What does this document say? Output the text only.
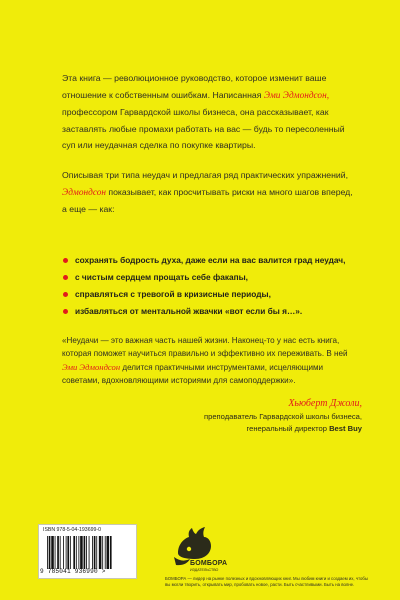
Эта книга — революционное руководство, которое изменит ваше отношение к собственным ошибкам. Написанная Эми Эдмондсон, профессором Гарвардской школы бизнеса, она рассказывает, как заставлять любые промахи работать на вас — будь то пересоленный суп или неудачная сделка по покупке квартиры.

Описывая три типа неудач и предлагая ряд практических упражнений, Эдмондсон показывает, как просчитывать риски на много шагов вперед, а еще — как:

сохранять бодрость духа, даже если на вас валится град неудач,
с чистым сердцем прощать себе факапы,
справляться с тревогой в кризисные периоды,
избавляться от ментальной жвачки «вот если бы я…».
«Неудачи — это важная часть нашей жизни. Наконец-то у нас есть книга, которая поможет научиться правильно и эффективно их переживать. В ней Эми Эдмондсон делится практичными инструментами, исцеляющими советами, вдохновляющими историями для самоподдержки».
Хьюберт Джоли,
преподаватель Гарвардской школы бизнеса,
генеральный директор Best Buy
ISBN 978-5-04-193699-0
9 785041 936990 >
БОМБОРА
ИЗДАТЕЛЬСТВО
БОМБОРА — лидер на рынке полезных и вдохновляющих книг. Мы любим книги и создаем их, чтобы вы могли творить, открывать мир, пробовать новое, расти. Быть счастливыми. Быть на волне.
